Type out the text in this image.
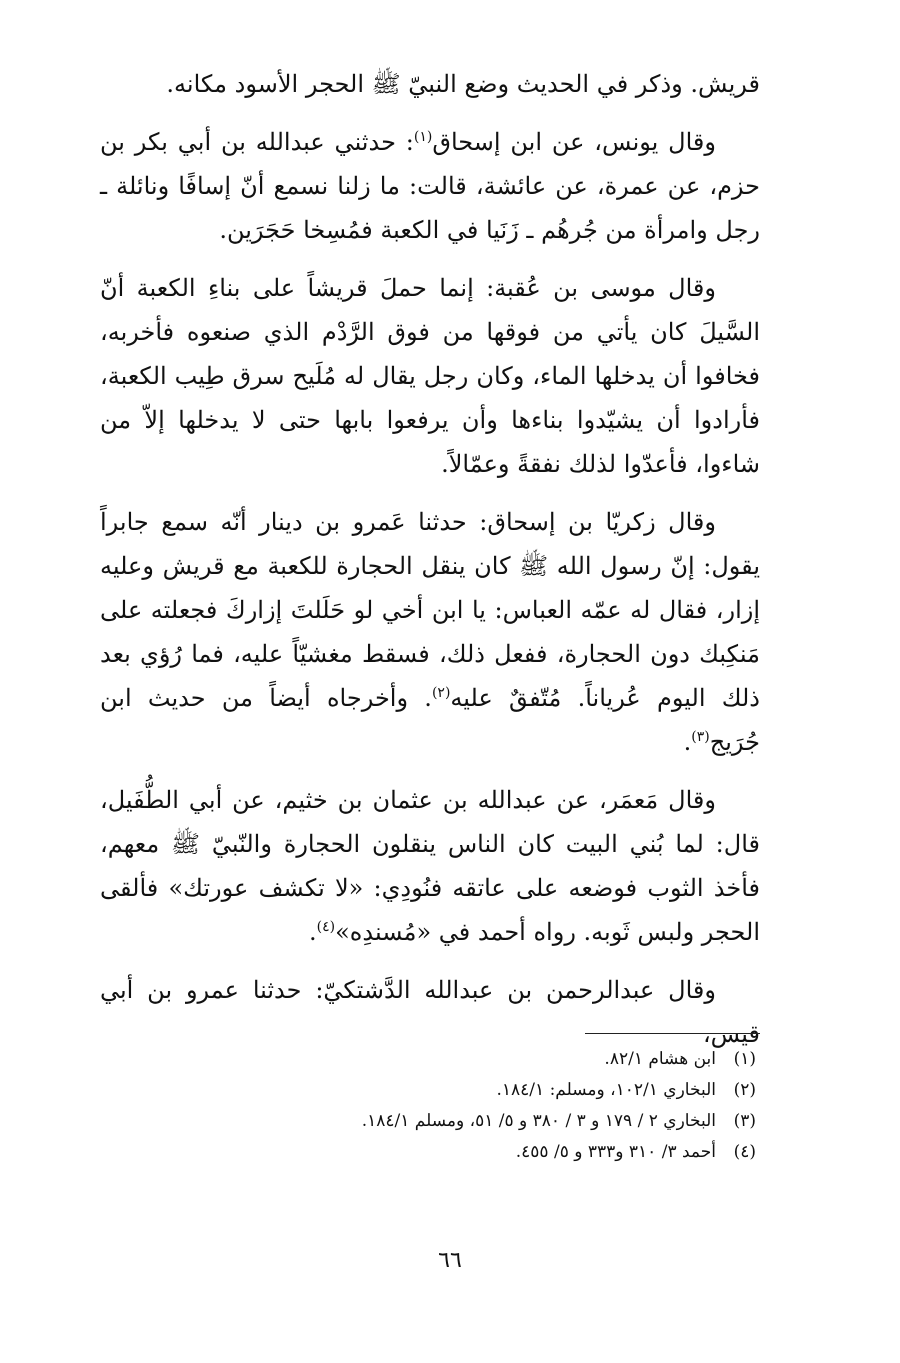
قريش. وذكر في الحديث وضع النبيّ ﷺ الحجر الأسود مكانه.

وقال يونس، عن ابن إسحاق$^{(١)}$: حدثني عبدالله بن أبي بكر بن حزم، عن عمرة، عن عائشة، قالت: ما زلنا نسمع أنّ إسافًا ونائلة ـ رجل وامرأة من جُرهُم ـ زَنَيا في الكعبة فمُسِخا حَجَرَين.

وقال موسى بن عُقبة: إنما حملَ قريشاً على بناءِ الكعبة أنّ السَّيلَ كان يأتي من فوقها من فوق الرَّدْم الذي صنعوه فأخربه، فخافوا أن يدخلها الماء، وكان رجل يقال له مُلَيح سرق طِيب الكعبة، فأرادوا أن يشيّدوا بناءها وأن يرفعوا بابها حتى لا يدخلها إلاّ من شاءوا، فأعدّوا لذلك نفقةً وعمّالاً.

وقال زكريّا بن إسحاق: حدثنا عَمرو بن دينار أنّه سمع جابراً يقول: إنّ رسول الله ﷺ كان ينقل الحجارة للكعبة مع قريش وعليه إزار، فقال له عمّه العباس: يا ابن أخي لو حَلَلتَ إزاركَ فجعلته على مَنكِبك دون الحجارة، ففعل ذلك، فسقط مغشيّاً عليه، فما رُؤي بعد ذلك اليوم عُرياناً. مُتّفقٌ عليه$^{(٢)}$. وأخرجاه أيضاً من حديث ابن جُرَيج$^{(٣)}$.

وقال مَعمَر، عن عبدالله بن عثمان بن خثيم، عن أبي الطُّفَيل، قال: لما بُني البيت كان الناس ينقلون الحجارة والنّبيّ ﷺ معهم، فأخذ الثوب فوضعه على عاتقه فنُودِي: «لا تكشف عورتك» فألقى الحجر ولبس ثَوبه. رواه أحمد في «مُسندِه»$^{(٤)}$.

وقال عبدالرحمن بن عبدالله الدَّشتكيّ: حدثنا عمرو بن أبي قيس،

(١)ابن هشام ٨٢/١.

(٢)البخاري ١٠٢/١، ومسلم: ١٨٤/١.

(٣)البخاري ٢ / ١٧٩ و ٣ / ٣٨٠ و ٥/ ٥١، ومسلم ١٨٤/١.

(٤)أحمد ٣/ ٣١٠ و٣٣٣ و ٥/ ٤٥٥.

٦٦
